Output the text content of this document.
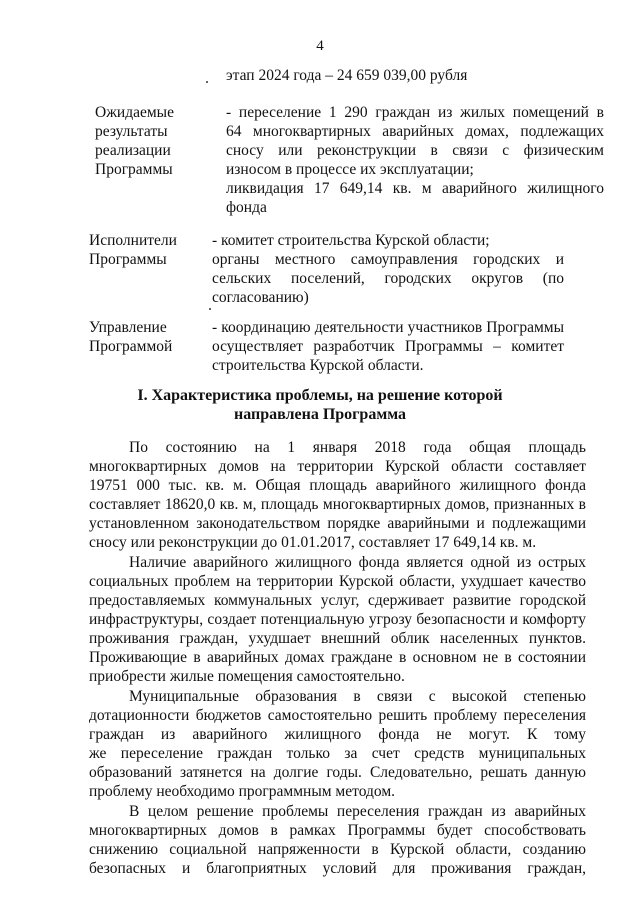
4
этап 2024 года – 24 659 039,00 рубля
Ожидаемые
результаты
реализации
Программы
- переселение 1 290 граждан из жилых помещений в
64 многоквартирных аварийных домах, подлежащих
сносу или реконструкции в связи с физическим
износом в процессе их эксплуатации;
ликвидация 17 649,14 кв. м аварийного жилищного
фонда
Исполнители
Программы
- комитет строительства Курской области;
органы местного самоуправления городских и
сельских поселений, городских округов (по
согласованию)
Управление
Программой
- координацию деятельности участников Программы
осуществляет разработчик Программы – комитет
строительства Курской области.
I. Характеристика проблемы, на решение которой
направлена Программа
По состоянию на 1 января 2018 года общая площадь
многоквартирных домов на территории Курской области составляет
19751 000 тыс. кв. м. Общая площадь аварийного жилищного фонда
составляет 18620,0 кв. м, площадь многоквартирных домов, признанных в
установленном законодательством порядке аварийными и подлежащими
сносу или реконструкции до 01.01.2017, составляет 17 649,14 кв. м.
Наличие аварийного жилищного фонда является одной из острых
социальных проблем на территории Курской области, ухудшает качество
предоставляемых коммунальных услуг, сдерживает развитие городской
инфраструктуры, создает потенциальную угрозу безопасности и комфорту
проживания граждан, ухудшает внешний облик населенных пунктов.
Проживающие в аварийных домах граждане в основном не в состоянии
приобрести жилые помещения самостоятельно.
Муниципальные образования в связи с высокой степенью
дотационности бюджетов самостоятельно решить проблему переселения
граждан из аварийного жилищного фонда не могут. К тому
же переселение граждан только за счет средств муниципальных
образований затянется на долгие годы. Следовательно, решать данную
проблему необходимо программным методом.
В целом решение проблемы переселения граждан из аварийных
многоквартирных домов в рамках Программы будет способствовать
снижению социальной напряженности в Курской области, созданию
безопасных и благоприятных условий для проживания граждан,
